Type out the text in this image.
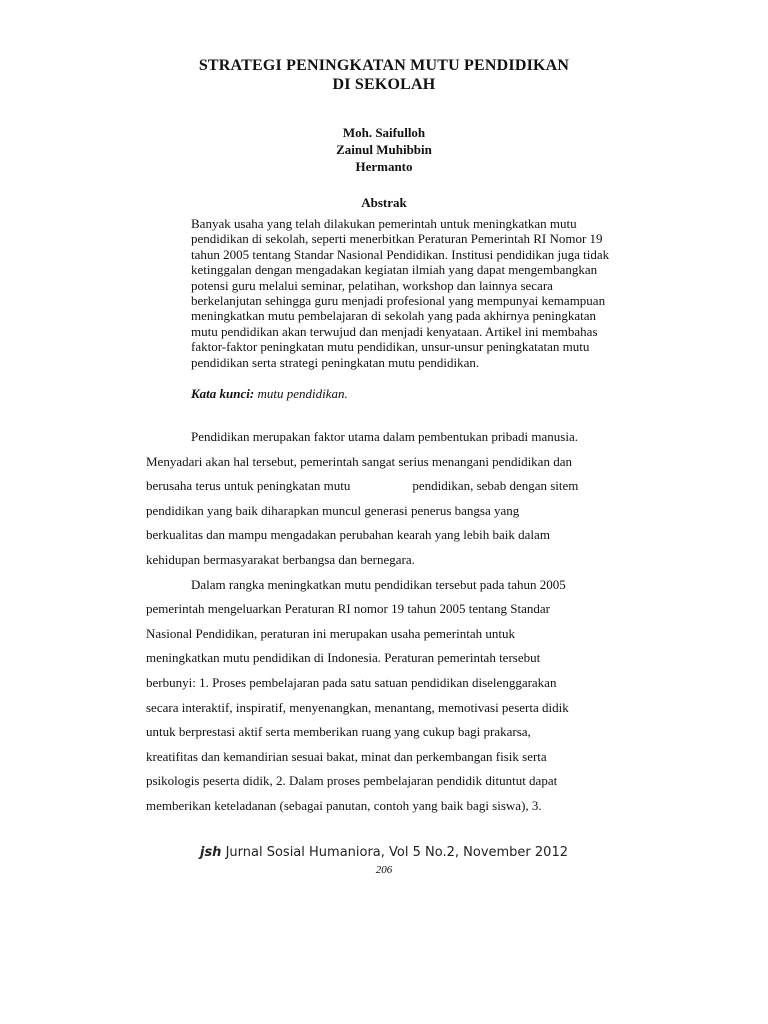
STRATEGI PENINGKATAN MUTU PENDIDIKAN
DI SEKOLAH
Moh. Saifulloh
Zainul Muhibbin
Hermanto
Abstrak
Banyak usaha yang telah dilakukan pemerintah untuk meningkatkan mutu
pendidikan di sekolah, seperti menerbitkan Peraturan Pemerintah RI Nomor 19
tahun 2005 tentang Standar Nasional Pendidikan. Institusi pendidikan juga tidak
ketinggalan dengan mengadakan kegiatan ilmiah yang dapat mengembangkan
potensi guru melalui seminar, pelatihan, workshop dan lainnya secara
berkelanjutan sehingga guru menjadi profesional yang mempunyai kemampuan
meningkatkan mutu pembelajaran di sekolah yang pada akhirnya peningkatan
mutu pendidikan akan terwujud dan menjadi kenyataan. Artikel ini membahas
faktor-faktor peningkatan mutu pendidikan, unsur-unsur peningkatatan mutu
pendidikan serta strategi peningkatan mutu pendidikan.
Kata kunci: mutu pendidikan.
Pendidikan merupakan faktor utama dalam pembentukan pribadi manusia.
Menyadari akan hal tersebut, pemerintah sangat serius menangani pendidikan dan
berusaha terus untuk peningkatan mutu	pendidikan, sebab dengan sitem
pendidikan yang baik diharapkan muncul generasi penerus bangsa yang
berkualitas dan mampu mengadakan perubahan kearah yang lebih baik dalam
kehidupan bermasyarakat berbangsa dan bernegara.
Dalam rangka meningkatkan mutu pendidikan tersebut pada tahun 2005
pemerintah mengeluarkan Peraturan RI nomor 19 tahun 2005 tentang Standar
Nasional Pendidikan, peraturan ini merupakan usaha pemerintah untuk
meningkatkan mutu pendidikan di Indonesia. Peraturan pemerintah tersebut
berbunyi: 1. Proses pembelajaran pada satu satuan pendidikan diselenggarakan
secara interaktif, inspiratif, menyenangkan, menantang, memotivasi peserta didik
untuk berprestasi aktif serta memberikan ruang yang cukup bagi prakarsa,
kreatifitas dan kemandirian sesuai bakat, minat dan perkembangan fisik serta
psikologis peserta didik, 2. Dalam proses pembelajaran pendidik dituntut dapat
memberikan keteladanan (sebagai panutan, contoh yang baik bagi siswa), 3.
jsh Jurnal Sosial Humaniora, Vol 5 No.2, November 2012
206
